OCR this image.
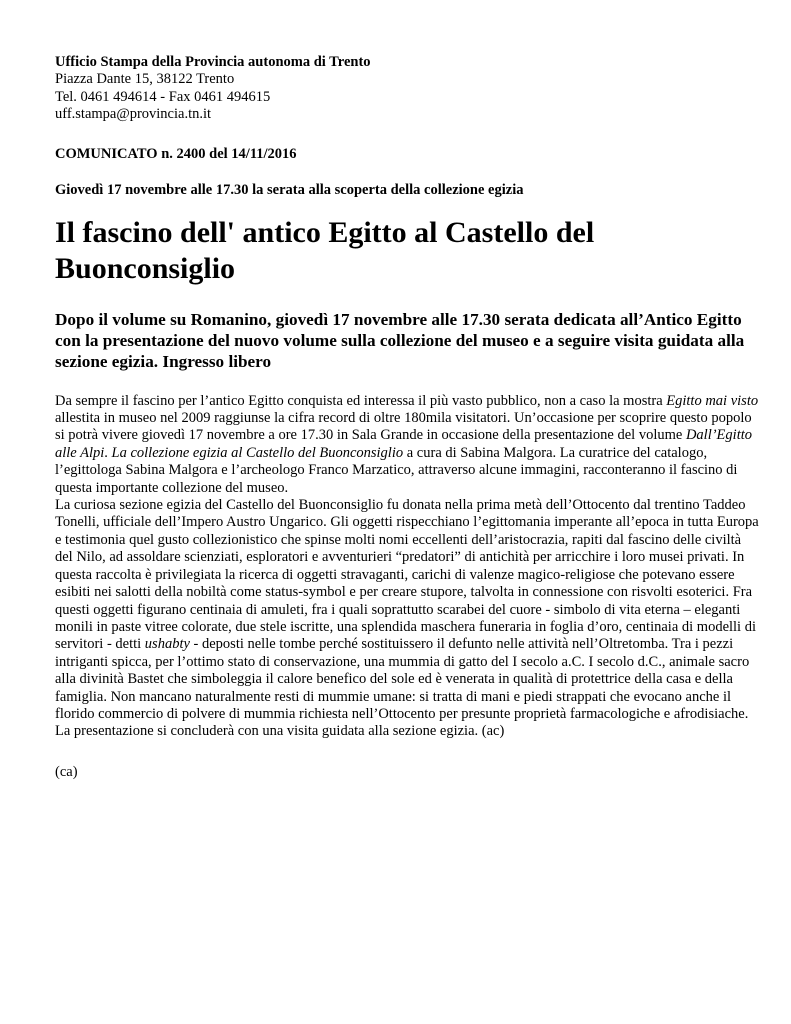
Ufficio Stampa della Provincia autonoma di Trento
Piazza Dante 15, 38122 Trento
Tel. 0461 494614 - Fax 0461 494615
uff.stampa@provincia.tn.it
COMUNICATO n. 2400 del 14/11/2016
Giovedì 17 novembre alle 17.30 la serata alla scoperta della collezione egizia
Il fascino dell' antico Egitto al Castello del Buonconsiglio
Dopo il volume su Romanino, giovedì 17 novembre alle 17.30 serata dedicata all’Antico Egitto con la presentazione del nuovo volume sulla collezione del museo e a seguire visita guidata alla sezione egizia. Ingresso libero

Da sempre il fascino per l’antico Egitto conquista ed interessa il più vasto pubblico, non a caso la mostra Egitto mai visto allestita in museo nel 2009 raggiunse la cifra record di oltre 180mila visitatori. Un’occasione per scoprire questo popolo si potrà vivere giovedì 17 novembre a ore 17.30 in Sala Grande in occasione della presentazione del volume Dall’Egitto alle Alpi. La collezione egizia al Castello del Buonconsiglio a cura di Sabina Malgora. La curatrice del catalogo, l’egittologa Sabina Malgora e l’archeologo Franco Marzatico, attraverso alcune immagini, racconteranno il fascino di questa importante collezione del museo.

La curiosa sezione egizia del Castello del Buonconsiglio fu donata nella prima metà dell’Ottocento dal trentino Taddeo Tonelli, ufficiale dell’Impero Austro Ungarico. Gli oggetti rispecchiano l’egittomania imperante all’epoca in tutta Europa e testimonia quel gusto collezionistico che spinse molti nomi eccellenti dell’aristocrazia, rapiti dal fascino delle civiltà del Nilo, ad assoldare scienziati, esploratori e avventurieri “predatori” di antichità per arricchire i loro musei privati. In questa raccolta è privilegiata la ricerca di oggetti stravaganti, carichi di valenze magico-religiose che potevano essere esibiti nei salotti della nobiltà come status-symbol e per creare stupore, talvolta in connessione con risvolti esoterici. Fra questi oggetti figurano centinaia di amuleti, fra i quali soprattutto scarabei del cuore - simbolo di vita eterna – eleganti monili in paste vitree colorate, due stele iscritte, una splendida maschera funeraria in foglia d’oro, centinaia di modelli di servitori - detti ushabty - deposti nelle tombe perché sostituissero il defunto nelle attività nell’Oltretomba. Tra i pezzi intriganti spicca, per l’ottimo stato di conservazione, una mummia di gatto del I secolo a.C. I secolo d.C., animale sacro alla divinità Bastet che simboleggia il calore benefico del sole ed è venerata in qualità di protettrice della casa e della famiglia. Non mancano naturalmente resti di mummie umane: si tratta di mani e piedi strappati che evocano anche il florido commercio di polvere di mummia richiesta nell’Ottocento per presunte proprietà farmacologiche e afrodisiache. La presentazione si concluderà con una visita guidata alla sezione egizia. (ac)

(ca)
